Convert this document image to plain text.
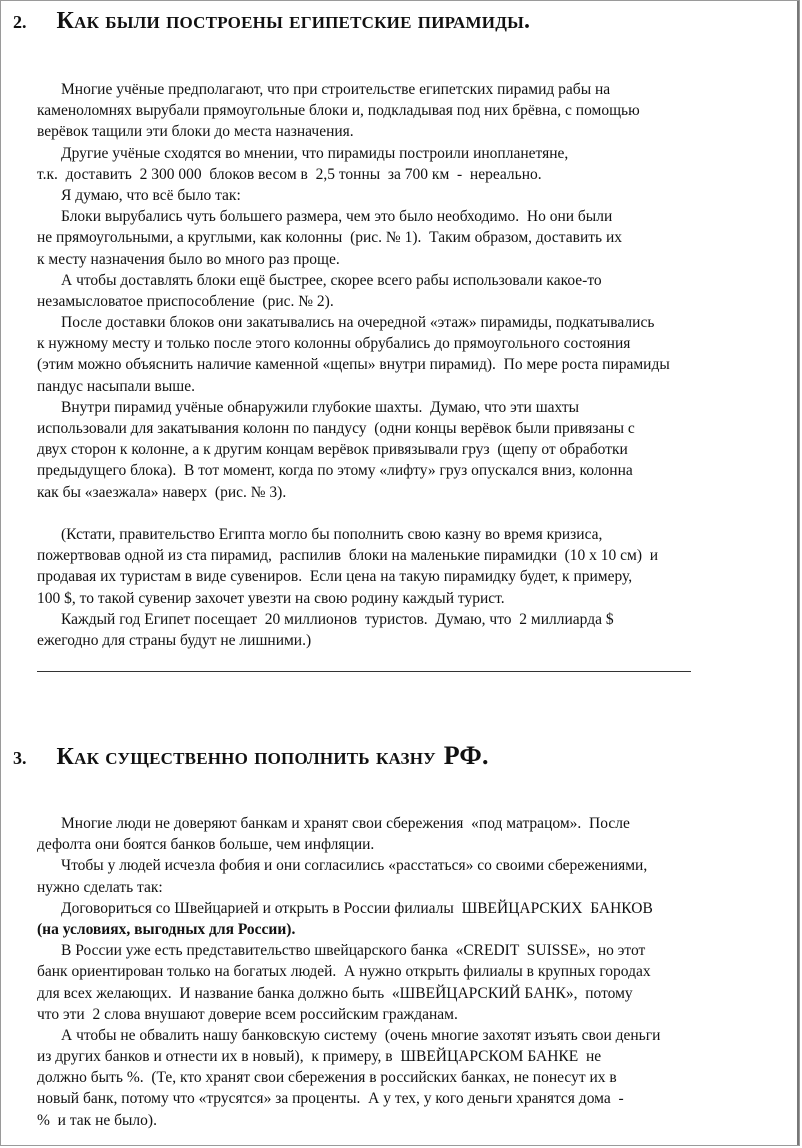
2. Как были построены египетские пирамиды.
Многие учёные предполагают, что при строительстве египетских пирамид рабы на
каменоломнях вырубали прямоугольные блоки и, подкладывая под них брёвна, с помощью
верёвок тащили эти блоки до места назначения.
Другие учёные сходятся во мнении, что пирамиды построили инопланетяне,
т.к.  доставить  2 300 000  блоков весом в  2,5 тонны  за 700 км  -  нереально.
Я думаю, что всё было так:
Блоки вырубались чуть большего размера, чем это было необходимо.  Но они были
не прямоугольными, а круглыми, как колонны  (рис. № 1).  Таким образом, доставить их
к месту назначения было во много раз проще.
А чтобы доставлять блоки ещё быстрее, скорее всего рабы использовали какое-то
незамысловатое приспособление  (рис. № 2).
После доставки блоков они закатывались на очередной «этаж» пирамиды, подкатывались
к нужному месту и только после этого колонны обрубались до прямоугольного состояния
(этим можно объяснить наличие каменной «щепы» внутри пирамид).  По мере роста пирамиды
пандус насыпали выше.
Внутри пирамид учёные обнаружили глубокие шахты.  Думаю, что эти шахты
использовали для закатывания колонн по пандусу  (одни концы верёвок были привязаны с
двух сторон к колонне, а к другим концам верёвок привязывали груз  (щепу от обработки
предыдущего блока).  В тот момент, когда по этому «лифту» груз опускался вниз, колонна
как бы «заезжала» наверх  (рис. № 3).
(Кстати, правительство Египта могло бы пополнить свою казну во время кризиса,
пожертвовав одной из ста пирамид,  распилив  блоки на маленькие пирамидки  (10 x 10 см)  и
продавая их туристам в виде сувениров.  Если цена на такую пирамидку будет, к примеру,
100 $, то такой сувенир захочет увезти на свою родину каждый турист.
Каждый год Египет посещает  20 миллионов  туристов.  Думаю, что  2 миллиарда $
ежегодно для страны будут не лишними.)
3. Как существенно пополнить казну РФ.
Многие люди не доверяют банкам и хранят свои сбережения  «под матрацом».  После
дефолта они боятся банков больше, чем инфляции.
Чтобы у людей исчезла фобия и они согласились «расстаться» со своими сбережениями,
нужно сделать так:
Договориться со Швейцарией и открыть в России филиалы  ШВЕЙЦАРСКИХ  БАНКОВ
(на условиях, выгодных для России).
В России уже есть представительство швейцарского банка  «CREDIT  SUISSE»,  но этот
банк ориентирован только на богатых людей.  А нужно открыть филиалы в крупных городах
для всех желающих.  И название банка должно быть  «ШВЕЙЦАРСКИЙ БАНК»,  потому
что эти  2 слова внушают доверие всем российским гражданам.
А чтобы не обвалить нашу банковскую систему  (очень многие захотят изъять свои деньги
из других банков и отнести их в новый),  к примеру, в  ШВЕЙЦАРСКОМ БАНКЕ  не
должно быть %.  (Те, кто хранят свои сбережения в российских банках, не понесут их в
новый банк, потому что «трусятся» за проценты.  А у тех, у кого деньги хранятся дома  -
%  и так не было).
